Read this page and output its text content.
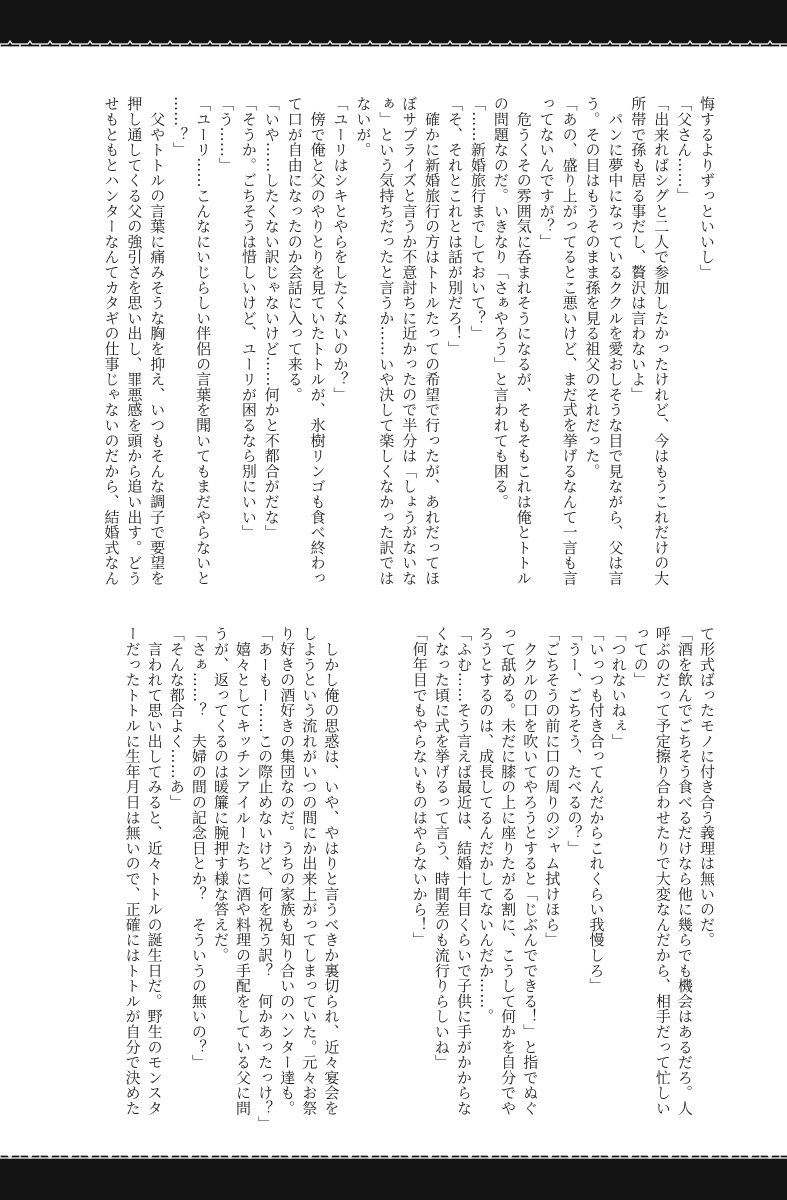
悔するよりずっといいし」
「父さん……」
「出来ればシグと二人で参加したかったけれど、今はもうこれだけの大
所帯で孫も居る事だし、贅沢は言わないよ」
　パンに夢中になっているククルを愛おしそうな目で見ながら、父は言
う。その目はもうそのまま孫を見る祖父のそれだった。
「あの、盛り上がってるとこ悪いけど、まだ式を挙げるなんて一言も言
ってないんですが？」
　危うくその雰囲気に呑まれそうになるが、そもそもこれは俺とトトル
の問題なのだ。いきなり「さぁやろう」と言われても困る。
「……新婚旅行までしておいて？」
「そ、それとこれとは話が別だろ！」
　確かに新婚旅行の方はトトルたっての希望で行ったが、あれだってほ
ぼサプライズと言うか不意討ちに近かったので半分は「しょうがないな
ぁ」という気持ちだったと言うか……いや決して楽しくなかった訳では
ないが。
「ユーリはシキとやらをしたくないのか？」
　傍で俺と父のやりとりを見ていたトトルが、氷樹リンゴも食べ終わっ
て口が自由になったのか会話に入って来る。
「いや……したくない訳じゃないけど……何かと不都合がだな」
「そうか。ごちそうは惜しいけど、ユーリが困るなら別にいい」
「う……」
「ユーリ……こんなにいじらしい伴侶の言葉を聞いてもまだやらないと
……？」
　父やトトルの言葉に痛みそうな胸を抑え、いつもそんな調子で要望を
押し通してくる父の強引さを思い出し、罪悪感を頭から追い出す。どう
せもともとハンターなんてカタギの仕事じゃないのだから、結婚式なん
て形式ばったモノに付き合う義理は無いのだ。
「酒を飲んでごちそう食べるだけなら他に幾らでも機会はあるだろ。人
呼ぶのだって予定擦り合わせたりで大変なんだから、相手だって忙しい
っての」
「つれないねぇ」
「いっつも付き合ってんだからこれくらい我慢しろ」
「うー、ごちそう、たべるの？」
「ごちそうの前に口の周りのジャム拭けほら」
　ククルの口を吹いてやろうとすると「じぶんでできる！」と指でぬぐ
って舐める。未だに膝の上に座りたがる割に、こうして何かを自分でや
ろうとするのは、成長してるんだかしてないんだか……。
「ふむ……そう言えば最近は、結婚十年目くらいで子供に手がかからな
くなった頃に式を挙げるって言う、時間差のも流行りらしいね」
「何年目でもやらないものはやらないから！」

　しかし俺の思惑は、いや、やはりと言うべきか裏切られ、近々宴会を
しようという流れがいつの間にか出来上がってしまっていた。元々お祭
り好きの酒好きの集団なのだ。うちの家族も知り合いのハンター達も。
「あーもー……この際止めないけど、何を祝う訳？　何かあったっけ？」
　嬉々としてキッチンアイルーたちに酒や料理の手配をしている父に問
うが、返ってくるのは暖簾に腕押す様な答えだ。
「さぁ……？　夫婦の間の記念日とか？　そういうの無いの？」
「そんな都合よく……あ」
　言われて思い出してみると、近々トトルの誕生日だ。野生のモンスタ
ーだったトトルに生年月日は無いので、正確にはトトルが自分で決めた
